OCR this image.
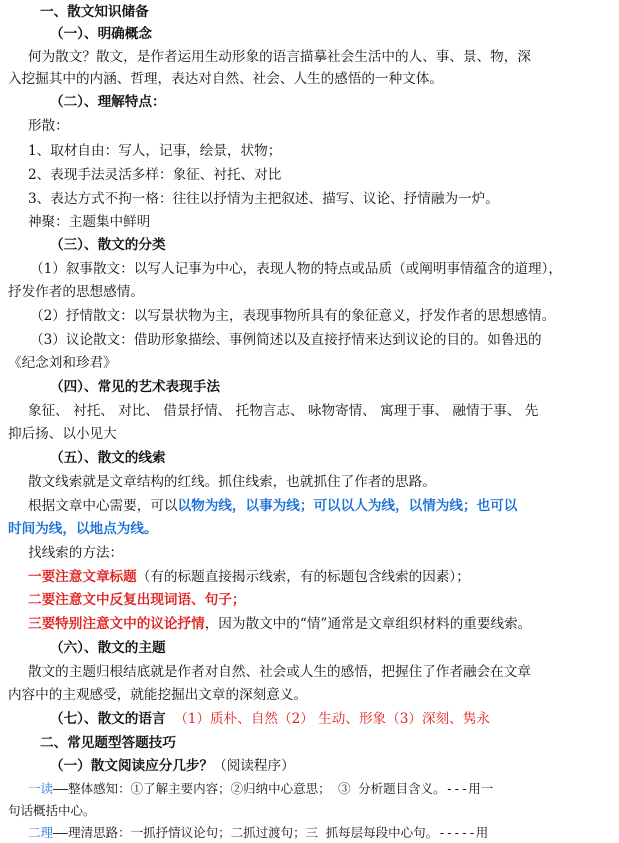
一、散文知识储备
（一）、明确概念
何为散文？散文，是作者运用生动形象的语言描摹社会生活中的人、事、景、物，深
入挖掘其中的内涵、哲理，表达对自然、社会、人生的感悟的一种文体。
（二）、理解特点：
形散：
1、取材自由：写人，记事，绘景，状物；
2、表现手法灵活多样：象征、衬托、对比
3、表达方式不拘一格：往往以抒情为主把叙述、描写、议论、抒情融为一炉。
神聚：主题集中鲜明
（三）、散文的分类
（1）叙事散文：以写人记事为中心，表现人物的特点或品质（或阐明事情蕴含的道理），
抒发作者的思想感情。
（2）抒情散文：以写景状物为主，表现事物所具有的象征意义，抒发作者的思想感情。
（3）议论散文：借助形象描绘、事例简述以及直接抒情来达到议论的目的。如鲁迅的
《纪念刘和珍君》
（四）、常见的艺术表现手法
象征、 衬托、 对比、 借景抒情、 托物言志、 咏物寄情、 寓理于事、 融情于事、 先
抑后扬、以小见大
（五）、散文的线索
散文线索就是文章结构的红线。抓住线索，也就抓住了作者的思路。
根据文章中心需要，可以以物为线，以事为线；可以以人为线，以情为线；也可以
时间为线，以地点为线。
找线索的方法：
一要注意文章标题（有的标题直接揭示线索，有的标题包含线索的因素）；
二要注意文中反复出现词语、句子；
三要特别注意文中的议论抒情，因为散文中的“情”通常是文章组织材料的重要线索。
（六）、散文的主题
散文的主题归根结底就是作者对自然、社会或人生的感悟，把握住了作者融会在文章
内容中的主观感受，就能挖掘出文章的深刻意义。
（七）、散文的语言 （1）质朴、自然（2） 生动、形象（3）深刻、隽永
二、常见题型答题技巧
（一）散文阅读应分几步？（阅读程序）
一读——整体感知：①了解主要内容；②归纳中心意思； ③ 分析题目含义。---用一
句话概括中心。
二理——理清思路：一抓抒情议论句；二抓过渡句；三 抓每层每段中心句。-----用
